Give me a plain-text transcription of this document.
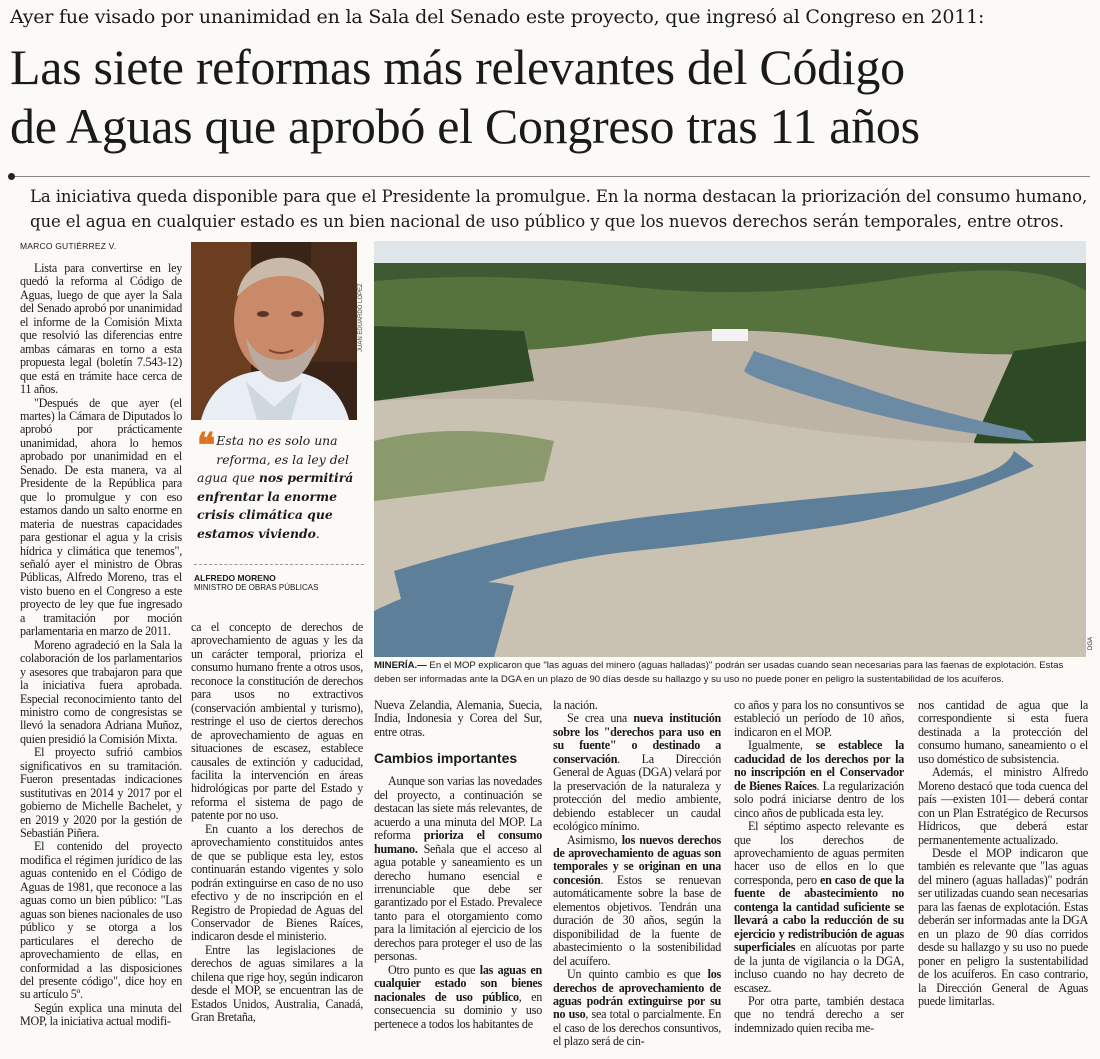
Ayer fue visado por unanimidad en la Sala del Senado este proyecto, que ingresó al Congreso en 2011:
Las siete reformas más relevantes del Código
de Aguas que aprobó el Congreso tras 11 años
La iniciativa queda disponible para que el Presidente la promulgue. En la norma destacan la priorización del consumo humano, que el agua en cualquier estado es un bien nacional de uso público y que los nuevos derechos serán temporales, entre otros.
MARCO GUTIÉRREZ V.

Lista para convertirse en ley quedó la reforma al Código de Aguas, luego de que ayer la Sala del Senado aprobó por unanimidad el informe de la Comisión Mixta que resolvió las diferencias entre ambas cámaras en torno a esta propuesta legal (boletín 7.543-12) que está en trámite hace cerca de 11 años.

"Después de que ayer (el martes) la Cámara de Diputados lo aprobó por prácticamente unanimidad, ahora lo hemos aprobado por unanimidad en el Senado. De esta manera, va al Presidente de la República para que lo promulgue y con eso estamos dando un salto enorme en materia de nuestras capacidades para gestionar el agua y la crisis hídrica y climática que tenemos", señaló ayer el ministro de Obras Públicas, Alfredo Moreno, tras el visto bueno en el Congreso a este proyecto de ley que fue ingresado a tramitación por moción parlamentaria en marzo de 2011.

Moreno agradeció en la Sala la colaboración de los parlamentarios y asesores que trabajaron para que la iniciativa fuera aprobada. Especial reconocimiento tanto del ministro como de congresistas se llevó la senadora Adriana Muñoz, quien presidió la Comisión Mixta.

El proyecto sufrió cambios significativos en su tramitación. Fueron presentadas indicaciones sustitutivas en 2014 y 2017 por el gobierno de Michelle Bachelet, y en 2019 y 2020 por la gestión de Sebastián Piñera.

El contenido del proyecto modifica el régimen jurídico de las aguas contenido en el Código de Aguas de 1981, que reconoce a las aguas como un bien público: "Las aguas son bienes nacionales de uso público y se otorga a los particulares el derecho de aprovechamiento de ellas, en conformidad a las disposiciones del presente código", dice hoy en su artículo 5º.

Según explica una minuta del MOP, la iniciativa actual modifi-

JUAN EDUARDO LÓPEZ
❝ Esta no es solo una reforma, es la ley del agua que nos permitirá enfrentar la enorme crisis climática que estamos viviendo.
ALFREDO MORENO
MINISTRO DE OBRAS PÚBLICAS

ca el concepto de derechos de aprovechamiento de aguas y les da un carácter temporal, prioriza el consumo humano frente a otros usos, reconoce la constitución de derechos para usos no extractivos (conservación ambiental y turismo), restringe el uso de ciertos derechos de aprovechamiento de aguas en situaciones de escasez, establece causales de extinción y caducidad, facilita la intervención en áreas hidrológicas por parte del Estado y reforma el sistema de pago de patente por no uso.

En cuanto a los derechos de aprovechamiento constituidos antes de que se publique esta ley, estos continuarán estando vigentes y solo podrán extinguirse en caso de no uso efectivo y de no inscripción en el Registro de Propiedad de Aguas del Conservador de Bienes Raíces, indicaron desde el ministerio.

Entre las legislaciones de derechos de aguas similares a la chilena que rige hoy, según indicaron desde el MOP, se encuentran las de Estados Unidos, Australia, Canadá, Gran Bretaña,

DGA
MINERÍA.— En el MOP explicaron que "las aguas del minero (aguas halladas)" podrán ser usadas cuando sean necesarias para las faenas de explotación. Estas deben ser informadas ante la DGA en un plazo de 90 días desde su hallazgo y su uso no puede poner en peligro la sustentabilidad de los acuíferos.

Nueva Zelandia, Alemania, Suecia, India, Indonesia y Corea del Sur, entre otras.

Aunque son varias las novedades del proyecto, a continuación se destacan las siete más relevantes, de acuerdo a una minuta del MOP. La reforma prioriza el consumo humano. Señala que el acceso al agua potable y saneamiento es un derecho humano esencial e irrenunciable que debe ser garantizado por el Estado. Prevalece tanto para el otorgamiento como para la limitación al ejercicio de los derechos para proteger el uso de las personas.

Otro punto es que las aguas en cualquier estado son bienes nacionales de uso público, en consecuencia su dominio y uso pertenece a todos los habitantes de

Cambios importantes

la nación.

Se crea una nueva institución sobre los "derechos para uso en su fuente" o destinado a conservación. La Dirección General de Aguas (DGA) velará por la preservación de la naturaleza y protección del medio ambiente, debiendo establecer un caudal ecológico mínimo.

Asimismo, los nuevos derechos de aprovechamiento de aguas son temporales y se originan en una concesión. Estos se renuevan automáticamente sobre la base de elementos objetivos. Tendrán una duración de 30 años, según la disponibilidad de la fuente de abastecimiento o la sostenibilidad del acuífero.

Un quinto cambio es que los derechos de aprovechamiento de aguas podrán extinguirse por su no uso, sea total o parcialmente. En el caso de los derechos consuntivos, el plazo será de cin-

co años y para los no consuntivos se estableció un período de 10 años, indicaron en el MOP.

Igualmente, se establece la caducidad de los derechos por la no inscripción en el Conservador de Bienes Raíces. La regularización solo podrá iniciarse dentro de los cinco años de publicada esta ley.

El séptimo aspecto relevante es que los derechos de aprovechamiento de aguas permiten hacer uso de ellos en lo que corresponda, pero en caso de que la fuente de abastecimiento no contenga la cantidad suficiente se llevará a cabo la reducción de su ejercicio y redistribución de aguas superficiales en alícuotas por parte de la junta de vigilancia o la DGA, incluso cuando no hay decreto de escasez.

Por otra parte, también destaca que no tendrá derecho a ser indemnizado quien reciba me-

nos cantidad de agua que la correspondiente si esta fuera destinada a la protección del consumo humano, saneamiento o el uso doméstico de subsistencia.

Además, el ministro Alfredo Moreno destacó que toda cuenca del país —existen 101— deberá contar con un Plan Estratégico de Recursos Hídricos, que deberá estar permanentemente actualizado.

Desde el MOP indicaron que también es relevante que "las aguas del minero (aguas halladas)" podrán ser utilizadas cuando sean necesarias para las faenas de explotación. Estas deberán ser informadas ante la DGA en un plazo de 90 días corridos desde su hallazgo y su uso no puede poner en peligro la sustentabilidad de los acuíferos. En caso contrario, la Dirección General de Aguas puede limitarlas.
